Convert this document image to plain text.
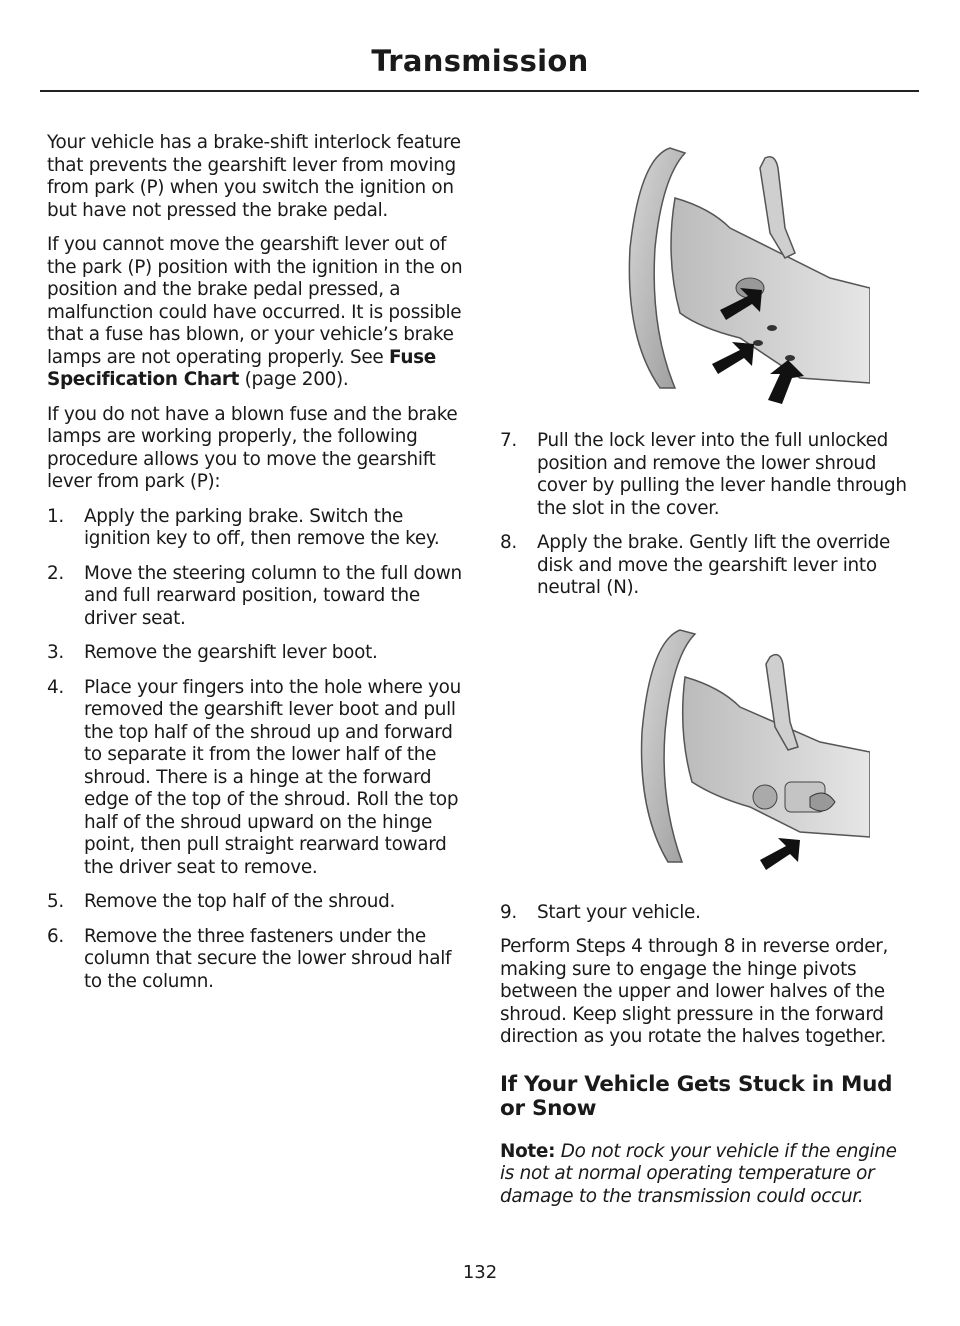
Transmission

Your vehicle has a brake-shift interlock feature that prevents the gearshift lever from moving from park (P) when you switch the ignition on but have not pressed the brake pedal.

If you cannot move the gearshift lever out of the park (P) position with the ignition in the on position and the brake pedal pressed, a malfunction could have occurred. It is possible that a fuse has blown, or your vehicle’s brake lamps are not operating properly. See Fuse Specification Chart (page 200).

If you do not have a blown fuse and the brake lamps are working properly, the following procedure allows you to move the gearshift lever from park (P):

1. Apply the parking brake. Switch the ignition key to off, then remove the key.
2. Move the steering column to the full down and full rearward position, toward the driver seat.
3. Remove the gearshift lever boot.
4. Place your fingers into the hole where you removed the gearshift lever boot and pull the top half of the shroud up and forward to separate it from the lower half of the shroud. There is a hinge at the forward edge of the top of the shroud. Roll the top half of the shroud upward on the hinge point, then pull straight rearward toward the driver seat to remove.
5. Remove the top half of the shroud.
6. Remove the three fasteners under the column that secure the lower shroud half to the column.
7. Pull the lock lever into the full unlocked position and remove the lower shroud cover by pulling the lever handle through the slot in the cover.
8. Apply the brake. Gently lift the override disk and move the gearshift lever into neutral (N).
9. Start your vehicle.

Perform Steps 4 through 8 in reverse order, making sure to engage the hinge pivots between the upper and lower halves of the shroud. Keep slight pressure in the forward direction as you rotate the halves together.

If Your Vehicle Gets Stuck in Mud or Snow

Note: Do not rock your vehicle if the engine is not at normal operating temperature or damage to the transmission could occur.

132
